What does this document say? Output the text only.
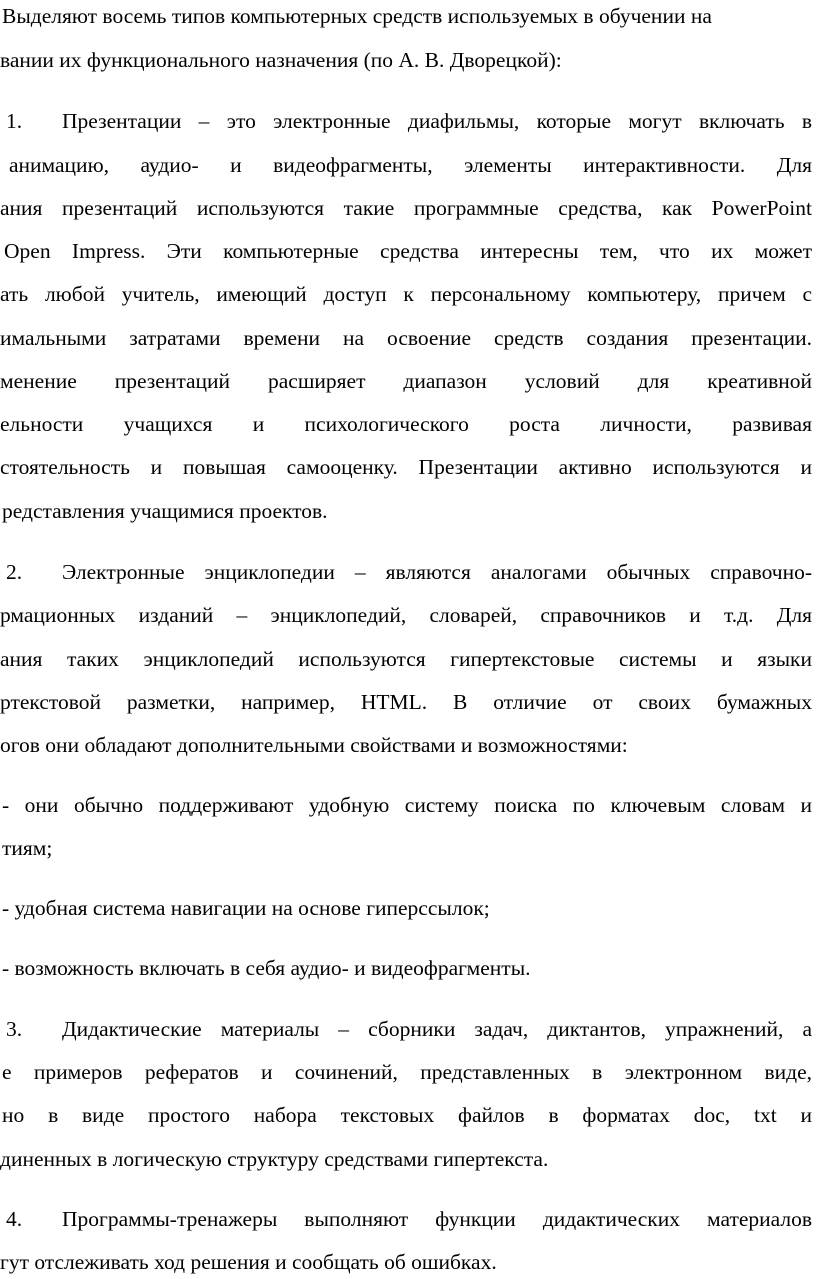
Выделяют восемь типов компьютерных средств используемых в обучении на
вании их функционального назначения (по А. В. Дворецкой):
1. Презентации – это электронные диафильмы, которые могут включать в
анимацию, аудио- и видеофрагменты, элементы интерактивности. Для
ания презентаций используются такие программные средства, как PowerPoint
Open Impress. Эти компьютерные средства интересны тем, что их может
ать любой учитель, имеющий доступ к персональному компьютеру, причем с
имальными затратами времени на освоение средств создания презентации.
менение презентаций расширяет диапазон условий для креативной
ельности учащихся и психологического роста личности, развивая
стоятельность и повышая самооценку. Презентации активно используются и
редставления учащимися проектов.
2. Электронные энциклопедии – являются аналогами обычных справочно-
рмационных изданий – энциклопедий, словарей, справочников и т.д. Для
ания таких энциклопедий используются гипертекстовые системы и языки
ртекстовой разметки, например, HTML. В отличие от своих бумажных
огов они обладают дополнительными свойствами и возможностями:
- они обычно поддерживают удобную систему поиска по ключевым словам и
тиям;
- удобная система навигации на основе гиперссылок;
- возможность включать в себя аудио- и видеофрагменты.
3. Дидактические материалы – сборники задач, диктантов, упражнений, а
е примеров рефератов и сочинений, представленных в электронном виде,
но в виде простого набора текстовых файлов в форматах doc, txt и
диненных в логическую структуру средствами гипертекста.
4. Программы-тренажеры выполняют функции дидактических материалов
гут отслеживать ход решения и сообщать об ошибках.
